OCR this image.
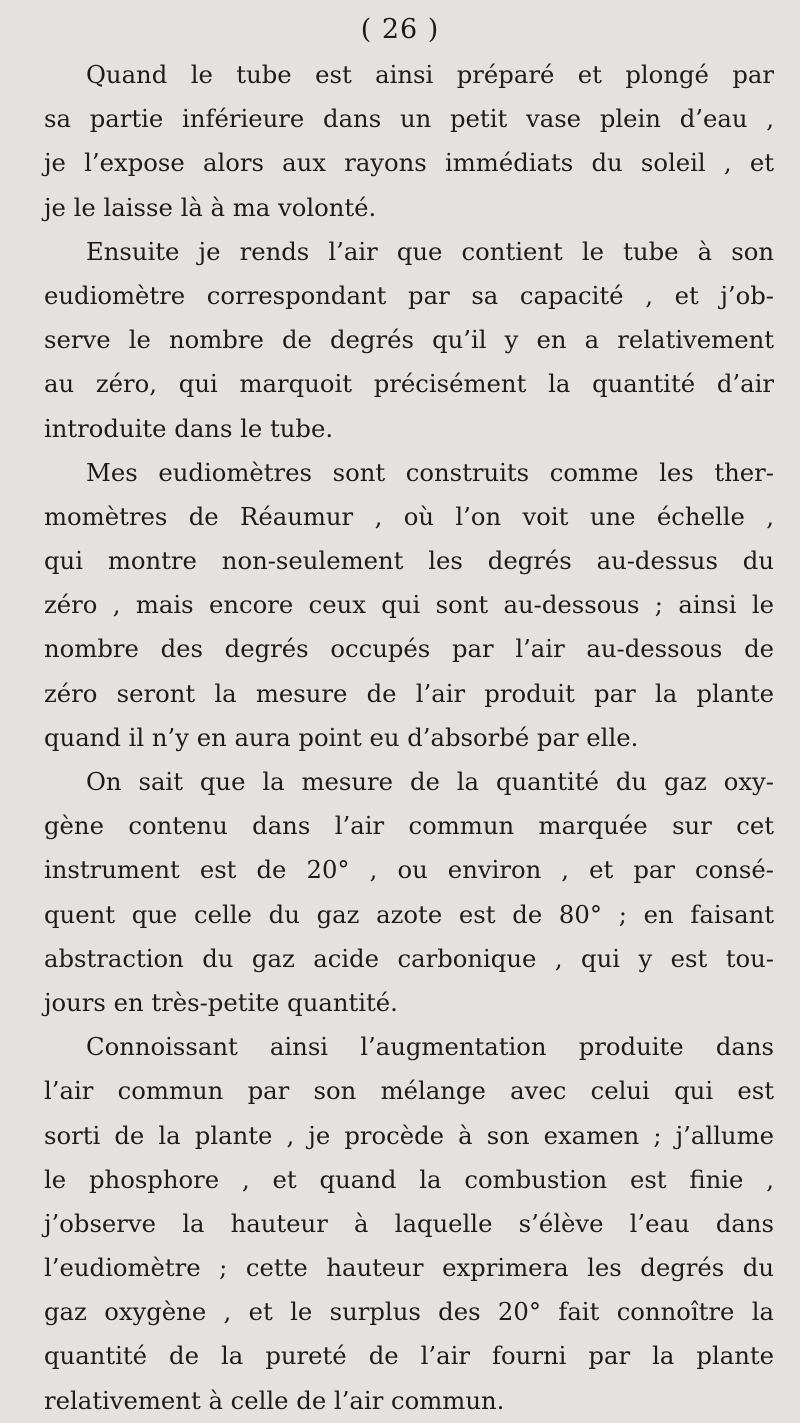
( 26 )
Quand le tube est ainsi préparé et plongé par
sa partie inférieure dans un petit vase plein d’eau ,
je l’expose alors aux rayons immédiats du soleil , et
je le laisse là à ma volonté.
Ensuite je rends l’air que contient le tube à son
eudiomètre correspondant par sa capacité , et j’ob-
serve le nombre de degrés qu’il y en a relativement
au zéro, qui marquoit précisément la quantité d’air
introduite dans le tube.
Mes eudiomètres sont construits comme les ther-
momètres de Réaumur , où l’on voit une échelle ,
qui montre non-seulement les degrés au-dessus du
zéro , mais encore ceux qui sont au-dessous ; ainsi le
nombre des degrés occupés par l’air au-dessous de
zéro seront la mesure de l’air produit par la plante
quand il n’y en aura point eu d’absorbé par elle.
On sait que la mesure de la quantité du gaz oxy-
gène contenu dans l’air commun marquée sur cet
instrument est de 20° , ou environ , et par consé-
quent que celle du gaz azote est de 80° ; en faisant
abstraction du gaz acide carbonique , qui y est tou-
jours en très-petite quantité.
Connoissant ainsi l’augmentation produite dans
l’air commun par son mélange avec celui qui est
sorti de la plante , je procède à son examen ; j’allume
le phosphore , et quand la combustion est finie ,
j’observe la hauteur à laquelle s’élève l’eau dans
l’eudiomètre ; cette hauteur exprimera les degrés du
gaz oxygène , et le surplus des 20° fait connoître la
quantité de la pureté de l’air fourni par la plante
relativement à celle de l’air commun.
